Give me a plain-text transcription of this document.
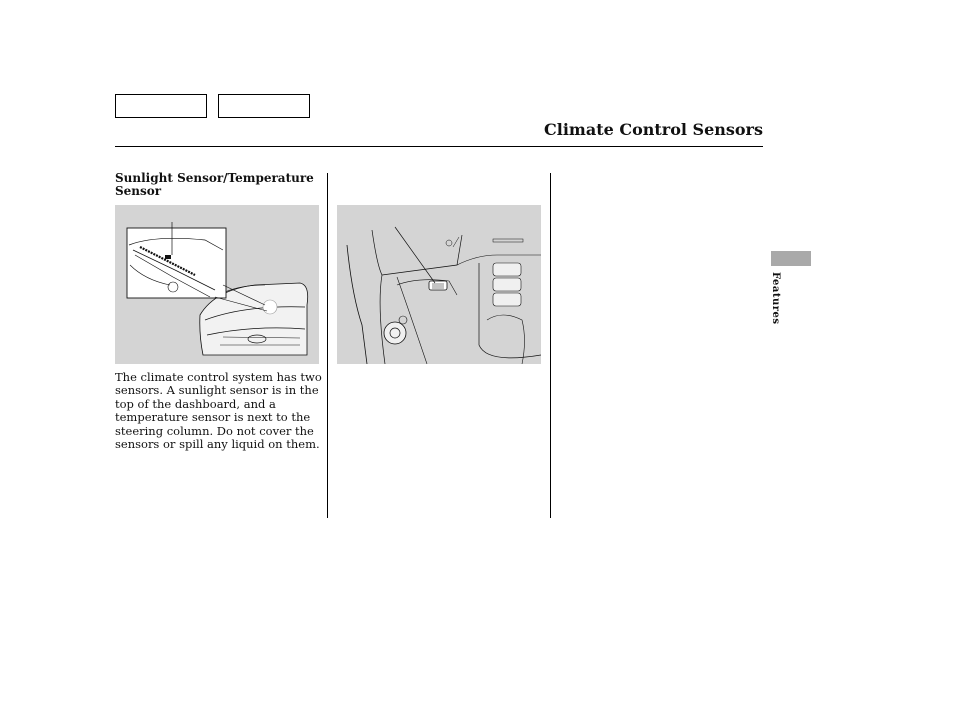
Climate Control Sensors
Sunlight Sensor/Temperature Sensor
The climate control system has two
sensors. A sunlight sensor is in the
top of the dashboard, and a
temperature sensor is next to the
steering column. Do not cover the
sensors or spill any liquid on them.
Features
